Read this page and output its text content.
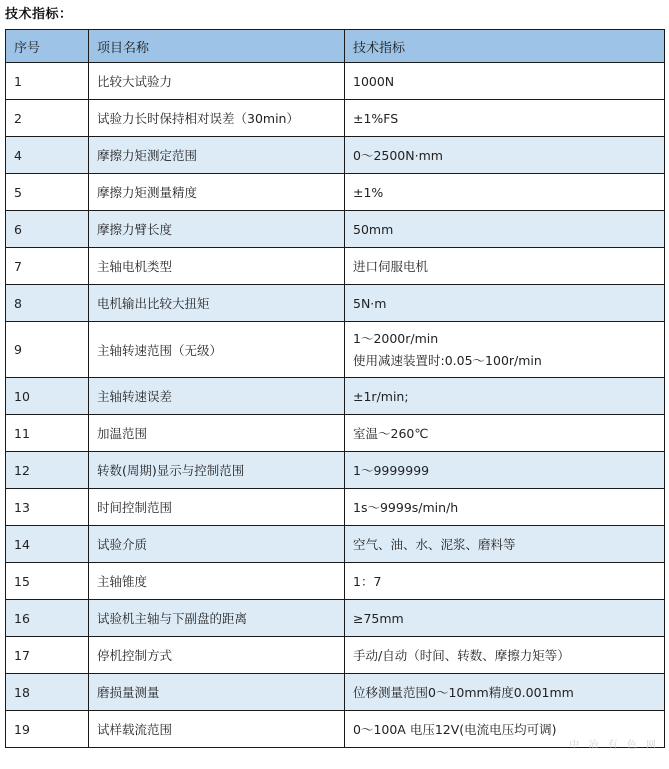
技术指标：
序号	项目名称	技术指标
1	比较大试验力	1000N
2	试验力长时保持相对误差（30min）	±1%FS
4	摩擦力矩测定范围	0～2500N·mm
5	摩擦力矩测量精度	±1%
6	摩擦力臂长度	50mm
7	主轴电机类型	进口伺服电机
8	电机输出比较大扭矩	5N·m
9	主轴转速范围（无级）	1～2000r/min
使用减速装置时:0.05～100r/min

10	主轴转速误差	±1r/min;
11	加温范围	室温～260℃
12	转数(周期)显示与控制范围	1～9999999
13	时间控制范围	1s～9999s/min/h
14	试验介质	空气、油、水、泥浆、磨料等
15	主轴锥度	1：7
16	试验机主轴与下副盘的距离	≥75mm
17	停机控制方式	手动/自动（时间、转数、摩擦力矩等）
18	磨损量测量	位移测量范围0～10mm精度0.001mm
19	试样载流范围	0～100A 电压12V(电流电压均可调)
中 冶 有 色 网
